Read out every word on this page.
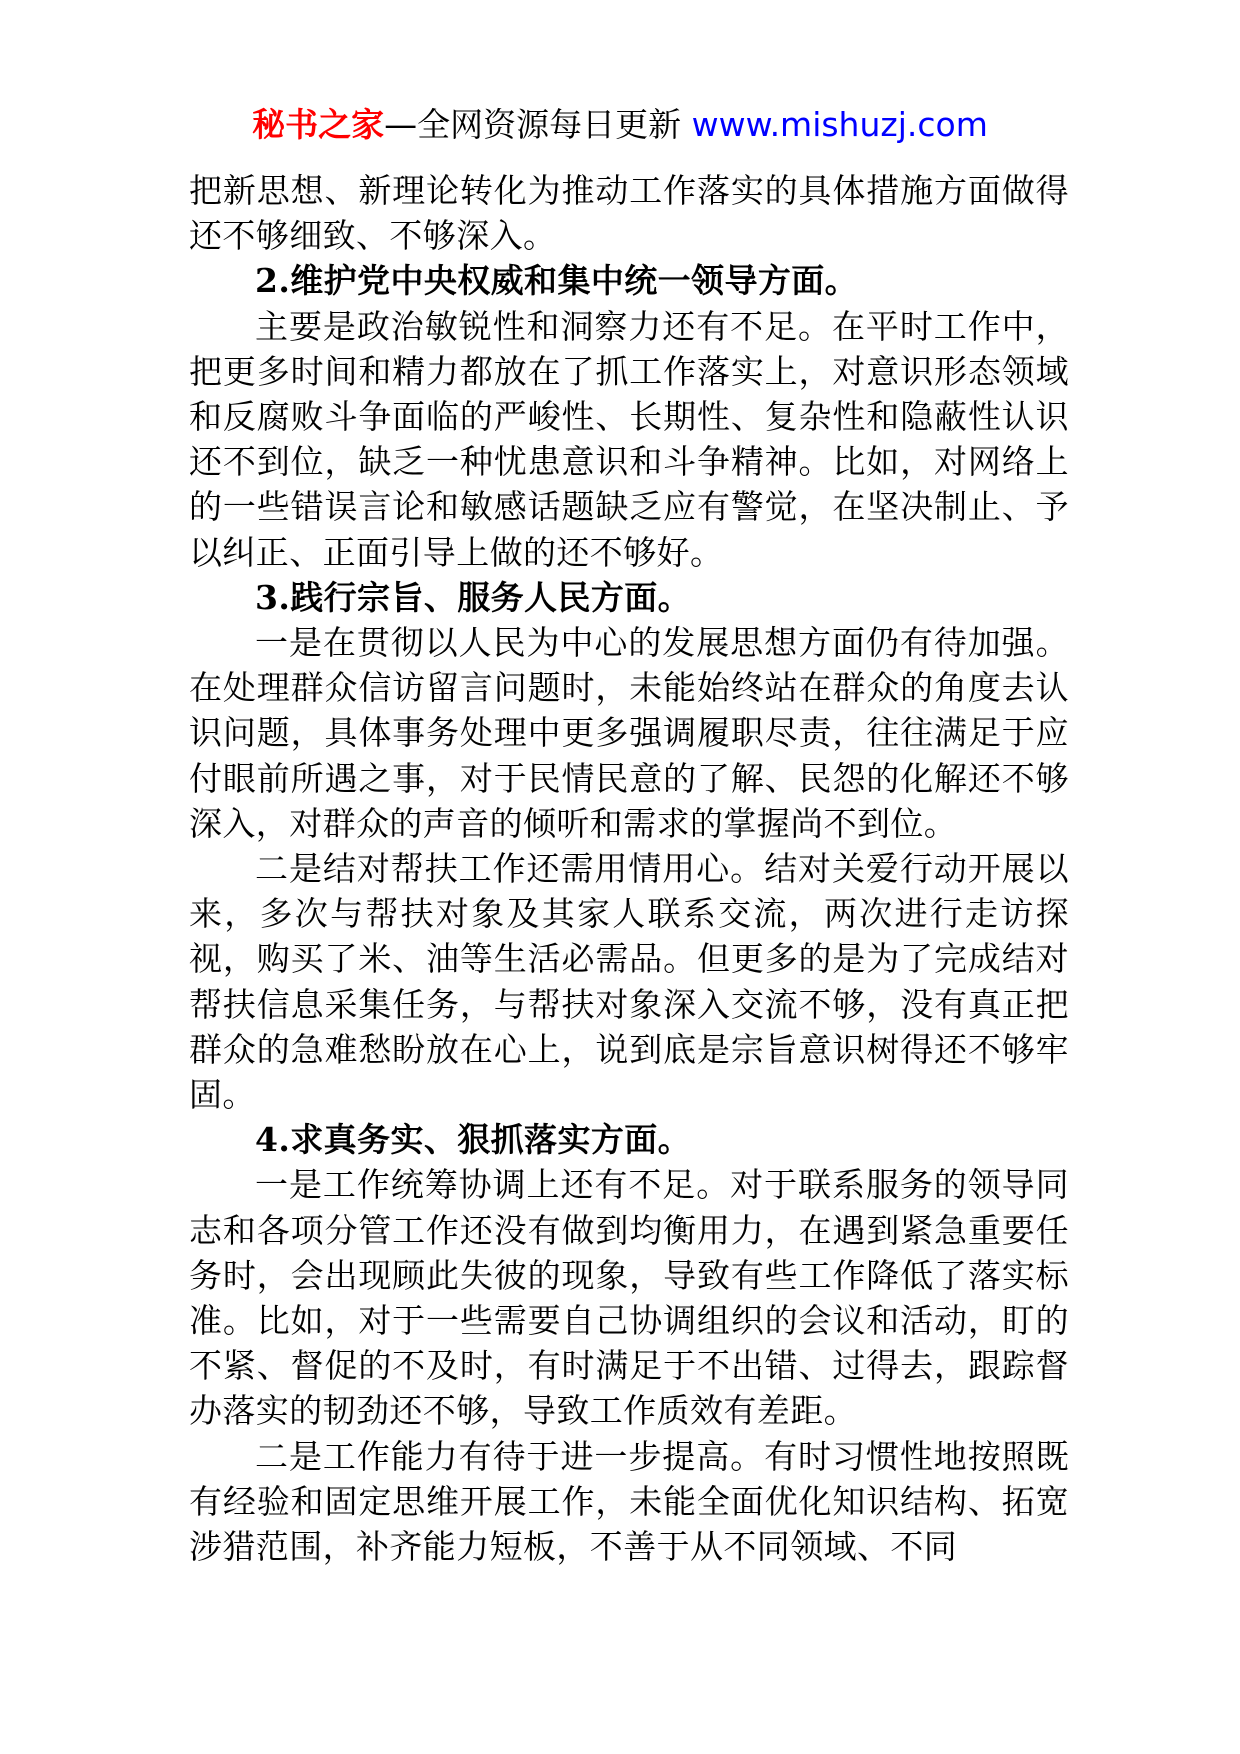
秘书之家—全网资源每日更新 www.mishuzj.com

把新思想、新理论转化为推动工作落实的具体措施方面做得还不够细致、不够深入。

2.维护党中央权威和集中统一领导方面。

主要是政治敏锐性和洞察力还有不足。在平时工作中，把更多时间和精力都放在了抓工作落实上，对意识形态领域和反腐败斗争面临的严峻性、长期性、复杂性和隐蔽性认识还不到位，缺乏一种忧患意识和斗争精神。比如，对网络上的一些错误言论和敏感话题缺乏应有警觉，在坚决制止、予以纠正、正面引导上做的还不够好。

3.践行宗旨、服务人民方面。

一是在贯彻以人民为中心的发展思想方面仍有待加强。在处理群众信访留言问题时，未能始终站在群众的角度去认识问题，具体事务处理中更多强调履职尽责，往往满足于应付眼前所遇之事，对于民情民意的了解、民怨的化解还不够深入，对群众的声音的倾听和需求的掌握尚不到位。

二是结对帮扶工作还需用情用心。结对关爱行动开展以来，多次与帮扶对象及其家人联系交流，两次进行走访探视，购买了米、油等生活必需品。但更多的是为了完成结对帮扶信息采集任务，与帮扶对象深入交流不够，没有真正把群众的急难愁盼放在心上，说到底是宗旨意识树得还不够牢固。

4.求真务实、狠抓落实方面。

一是工作统筹协调上还有不足。对于联系服务的领导同志和各项分管工作还没有做到均衡用力，在遇到紧急重要任务时，会出现顾此失彼的现象，导致有些工作降低了落实标准。比如，对于一些需要自己协调组织的会议和活动，盯的不紧、督促的不及时，有时满足于不出错、过得去，跟踪督办落实的韧劲还不够，导致工作质效有差距。

二是工作能力有待于进一步提高。有时习惯性地按照既有经验和固定思维开展工作，未能全面优化知识结构、拓宽涉猎范围，补齐能力短板，不善于从不同领域、不同
